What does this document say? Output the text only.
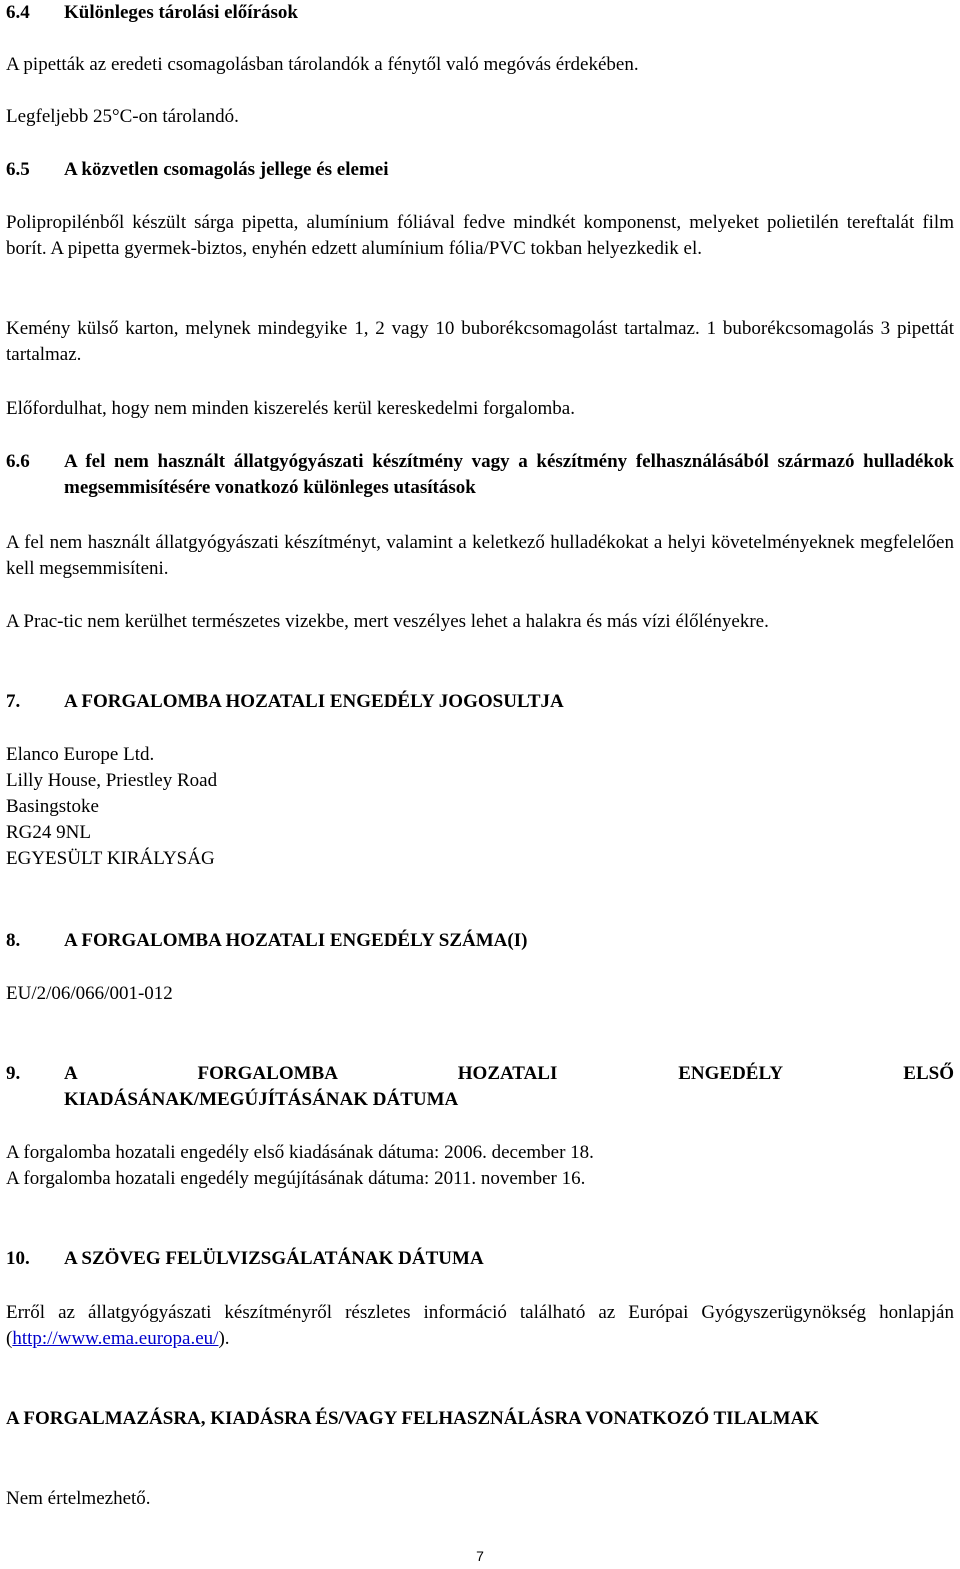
6.4	Különleges tárolási előírások

A pipetták az eredeti csomagolásban tárolandók a fénytől való megóvás érdekében.

Legfeljebb 25°C-on tárolandó.

6.5	A közvetlen csomagolás jellege és elemei

Polipropilénből készült sárga pipetta, alumínium fóliával fedve mindkét komponenst, melyeket polietilén tereftalát film borít. A pipetta gyermek-biztos, enyhén edzett alumínium fólia/PVC tokban helyezkedik el.

Kemény külső karton, melynek mindegyike 1, 2 vagy 10 buborékcsomagolást tartalmaz. 1 buborékcsomagolás 3 pipettát tartalmaz.

Előfordulhat, hogy nem minden kiszerelés kerül kereskedelmi forgalomba.

6.6	A fel nem használt állatgyógyászati készítmény vagy a készítmény felhasználásából származó hulladékok megsemmisítésére vonatkozó különleges utasítások

A fel nem használt állatgyógyászati készítményt, valamint a keletkező hulladékokat a helyi követelményeknek megfelelően kell megsemmisíteni.

A Prac-tic nem kerülhet természetes vizekbe, mert veszélyes lehet a halakra és más vízi élőlényekre.

7.	A FORGALOMBA HOZATALI ENGEDÉLY JOGOSULTJA
Elanco Europe Ltd.
Lilly House, Priestley Road
Basingstoke
RG24 9NL
EGYESÜLT KIRÁLYSÁG
8.	A FORGALOMBA HOZATALI ENGEDÉLY SZÁMA(I)

EU/2/06/066/001-012

9.	A FORGALOMBA HOZATALI ENGEDÉLY ELSŐ
KIADÁSÁNAK/MEGÚJÍTÁSÁNAK DÁTUMA
A forgalomba hozatali engedély első kiadásának dátuma: 2006. december 18.
A forgalomba hozatali engedély megújításának dátuma: 2011. november 16.
10.	A SZÖVEG FELÜLVIZSGÁLATÁNAK DÁTUMA

Erről az állatgyógyászati készítményről részletes információ található az Európai Gyógyszerügynökség honlapján (http://www.ema.europa.eu/).

A FORGALMAZÁSRA, KIADÁSRA ÉS/VAGY FELHASZNÁLÁSRA VONATKOZÓ TILALMAK

Nem értelmezhető.

7
